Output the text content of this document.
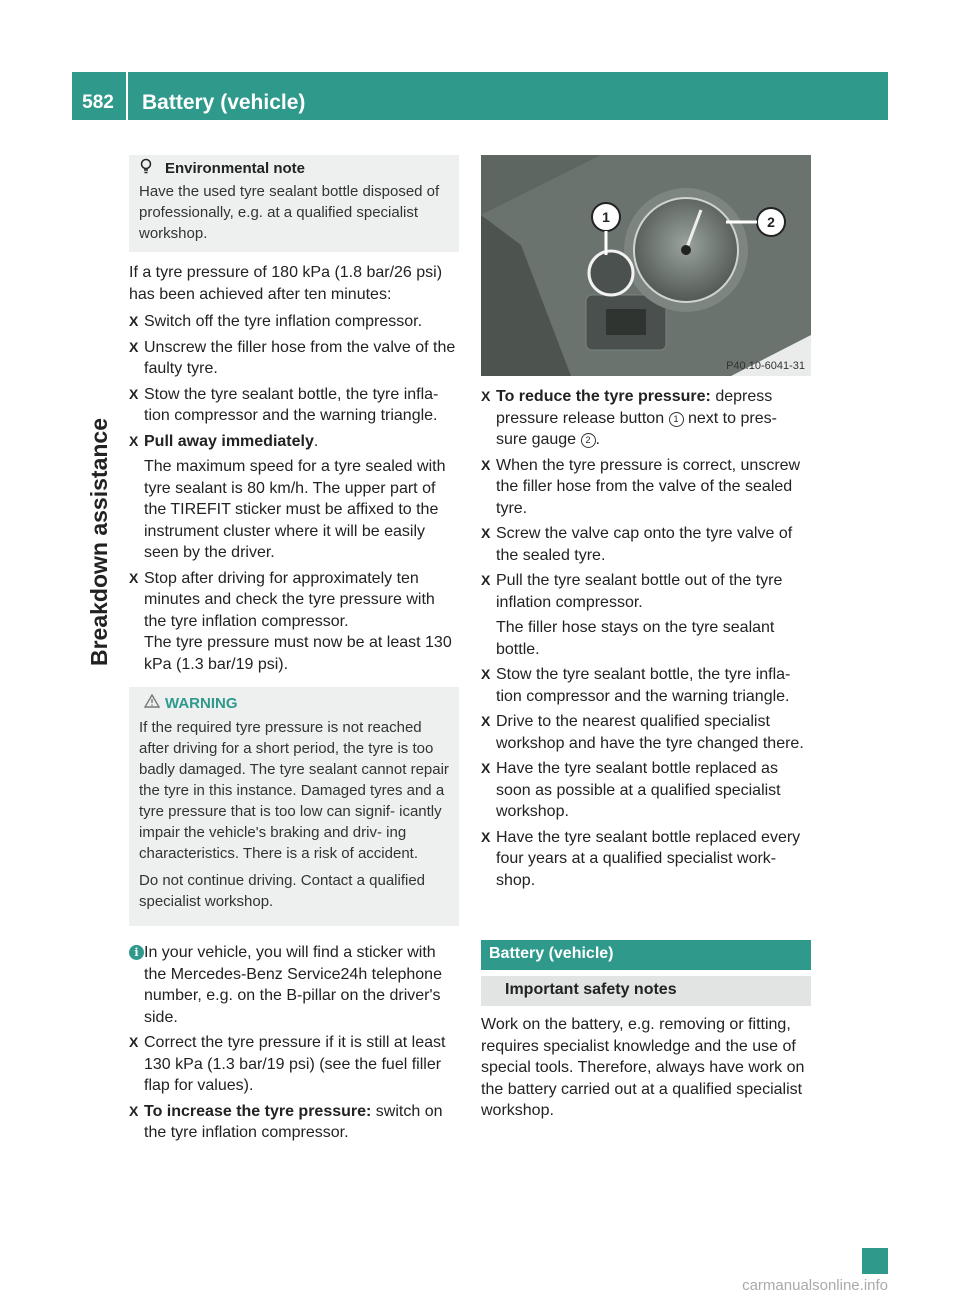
582	Battery (vehicle)
Breakdown assistance
Environmental note
Have the used tyre sealant bottle disposed of professionally, e.g. at a qualified specialist workshop.

If a tyre pressure of 180 kPa (1.8 bar/26 psi) has been achieved after ten minutes:

X Switch off the tyre inflation compressor.
X Unscrew the filler hose from the valve of the faulty tyre.
X Stow the tyre sealant bottle, the tyre infla- tion compressor and the warning triangle.
X Pull away immediately.
The maximum speed for a tyre sealed with tyre sealant is 80 km/h. The upper part of the TIREFIT sticker must be affixed to the instrument cluster where it will be easily seen by the driver.
X Stop after driving for approximately ten minutes and check the tyre pressure with the tyre inflation compressor.
The tyre pressure must now be at least 130 kPa (1.3 bar/19 psi).
WARNING

If the required tyre pressure is not reached after driving for a short period, the tyre is too badly damaged. The tyre sealant cannot repair the tyre in this instance. Damaged tyres and a tyre pressure that is too low can signif- icantly impair the vehicle's braking and driv- ing characteristics. There is a risk of accident.

Do not continue driving. Contact a qualified specialist workshop.

i In your vehicle, you will find a sticker with the Mercedes-Benz Service24h telephone number, e.g. on the B-pillar on the driver's side.
X Correct the tyre pressure if it is still at least 130 kPa (1.3 bar/19 psi) (see the fuel filler flap for values).
X To increase the tyre pressure: switch on the tyre inflation compressor.
1	2
P40.10-6041-31
X To reduce the tyre pressure: depress pressure release button 1 next to pres- sure gauge 2 .
X When the tyre pressure is correct, unscrew the filler hose from the valve of the sealed tyre.
X Screw the valve cap onto the tyre valve of the sealed tyre.
X Pull the tyre sealant bottle out of the tyre inflation compressor.
The filler hose stays on the tyre sealant bottle.
X Stow the tyre sealant bottle, the tyre infla- tion compressor and the warning triangle.
X Drive to the nearest qualified specialist workshop and have the tyre changed there.
X Have the tyre sealant bottle replaced as soon as possible at a qualified specialist workshop.
X Have the tyre sealant bottle replaced every four years at a qualified specialist work- shop.
Battery (vehicle)
Important safety notes
Work on the battery, e.g. removing or fitting, requires specialist knowledge and the use of special tools. Therefore, always have work on the battery carried out at a qualified specialist workshop.
carmanualsonline.info
